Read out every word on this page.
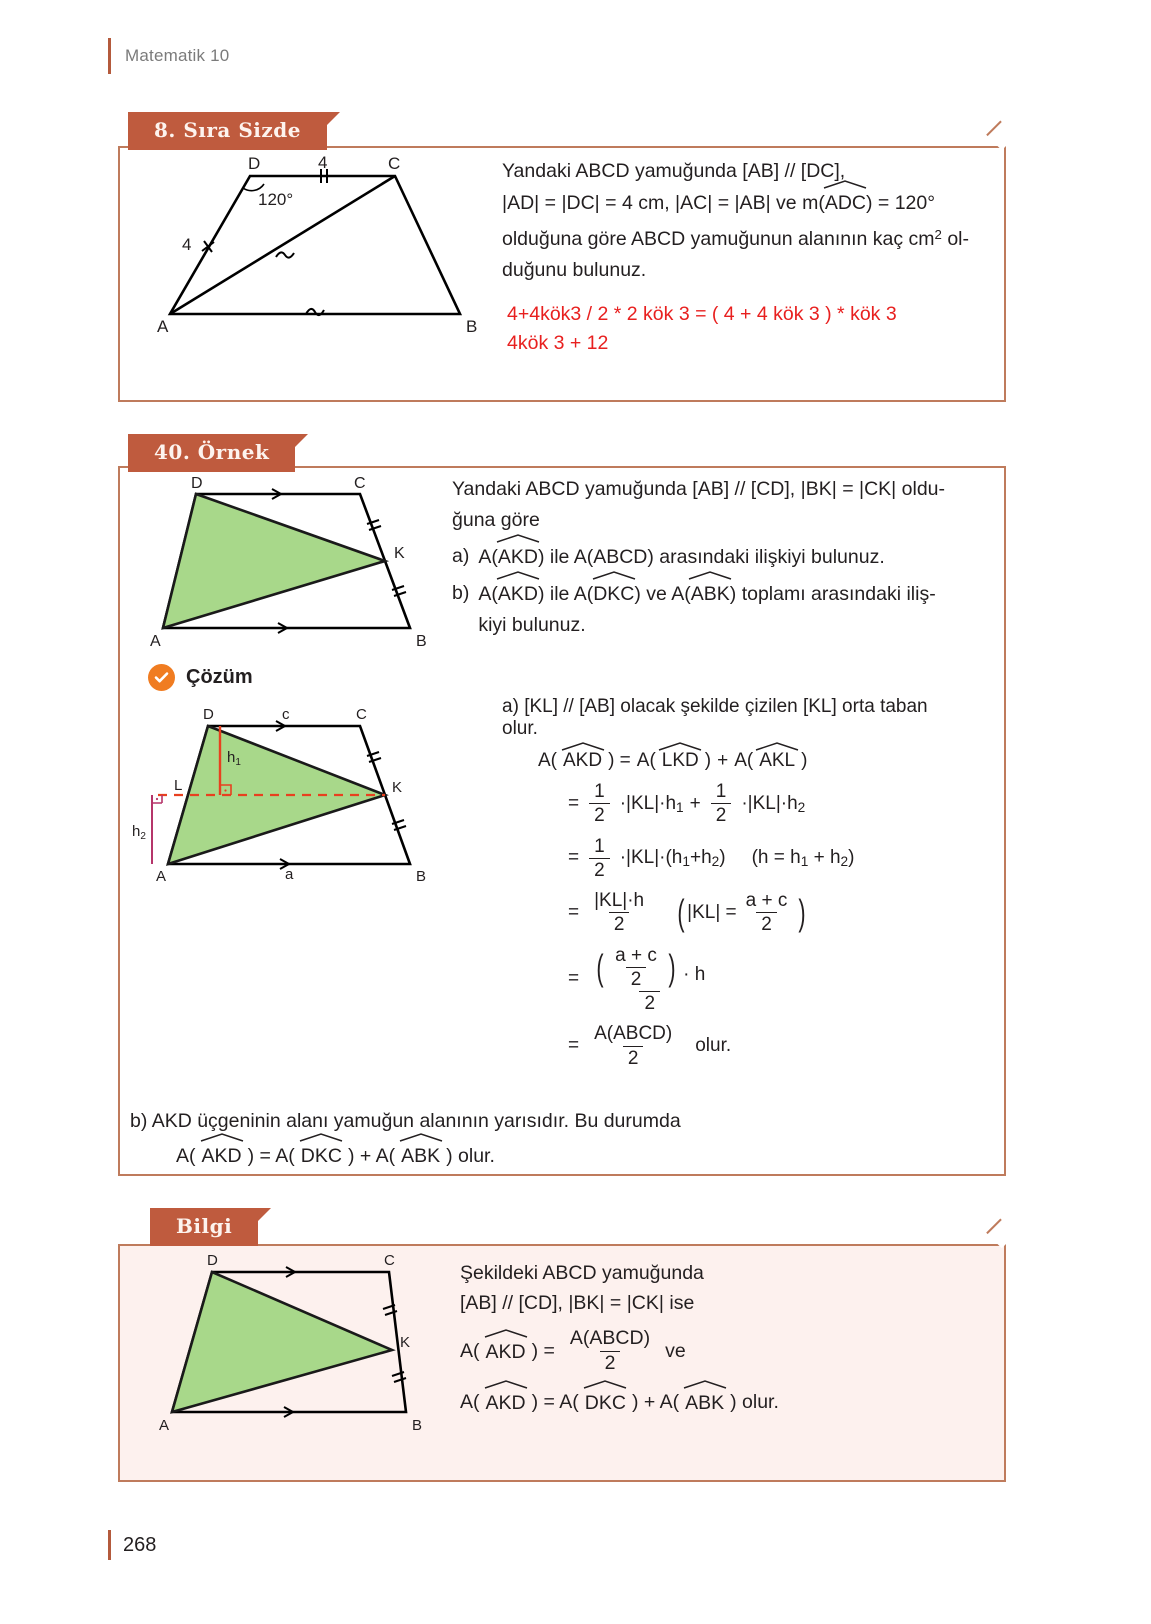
Matematik 10
8. Sıra Sizde
D	C
A	B
4
4
120°
Yandaki ABCD yamuğunda [AB] // [DC],
|AD| = |DC| = 4 cm, |AC| = |AB| ve m(
ADC) = 120°
olduğuna göre ABCD yamuğunun alanının kaç $cm^2$ ol-
duğunu bulunuz.
4+4kök3 / 2 * 2 kök 3 = ( 4 + 4 kök 3 ) * kök 3
4kök 3 + 12
40. Örnek
D	C
A	B
K
Yandaki ABCD yamuğunda [AB] // [CD], |BK| = |CK| oldu-
ğuna göre
a) A(
AKD) ile A(ABCD) arasındaki ilişkiyi bulunuz.
b) A(
AKD) ile A(
DKC) ve A(
ABK) toplamı arasındaki iliş-
kiyi bulunuz.
Çözüm
D	C
A	B
K
L
c
a
$h_1$
$h_2$
a) [KL] // [AB] olacak şekilde çizilen [KL] orta taban
olur.
A( AKD ) = A( LKD ) + A( AKL )
= $\frac{1}{2} \cdot|KL|\cdot h_1 + \frac{1}{2} \cdot|KL|\cdot h_2$
= $\frac{1}{2} \cdot|KL|\cdot(h_1+h_2)$	$(h = h_1 + h_2)$
= $\frac{|KL|\cdot h}{2}$ ( $|KL| = \frac{a + c}{2}$ )
= ( $\frac{a + c}{2}$ ) · h
2
= $\frac{\text{A(ABCD)}}{2}$ olur.
b) AKD üçgeninin alanı yamuğun alanının yarısıdır. Bu durumda
A( AKD ) = A( DKC ) + A( ABK ) olur.
Bilgi
D	C
A	B
K
Şekildeki ABCD yamuğunda
[AB] // [CD], |BK| = |CK| ise
A( AKD ) = $\frac{\text{A(ABCD)}}{2}$ ve
A( AKD ) = A( DKC ) + A( ABK ) olur.
268
